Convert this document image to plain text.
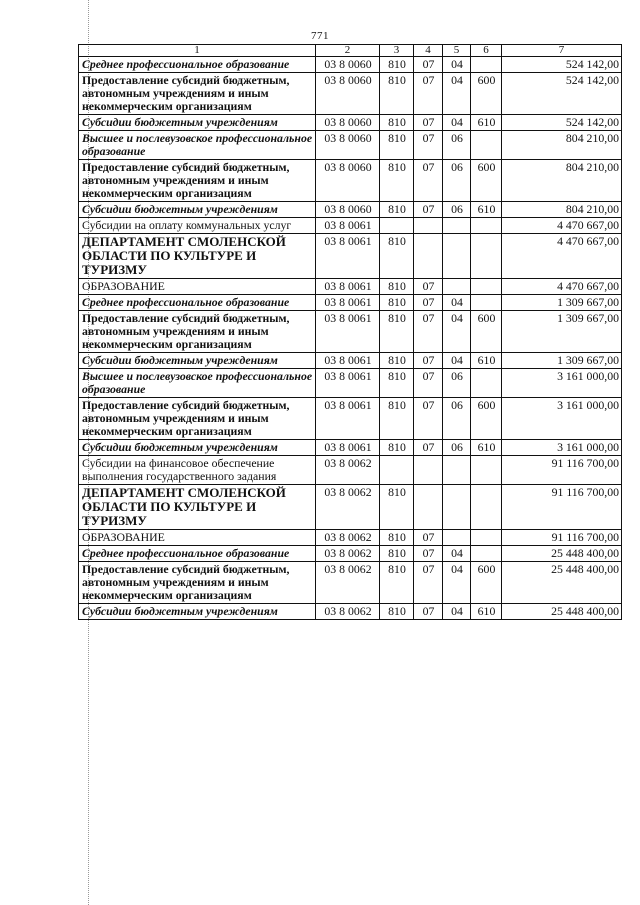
771
1	2	3	4	5	6	7
Среднее профессиональное образование	03 8 0060	810	07	04		524 142,00
Предоставление субсидий бюджетным, автономным учреждениям и иным некоммерческим организациям	03 8 0060	810	07	04	600	524 142,00
Субсидии бюджетным учреждениям	03 8 0060	810	07	04	610	524 142,00
Высшее и послевузовское профессиональное образование	03 8 0060	810	07	06		804 210,00
Предоставление субсидий бюджетным, автономным учреждениям и иным некоммерческим организациям	03 8 0060	810	07	06	600	804 210,00
Субсидии бюджетным учреждениям	03 8 0060	810	07	06	610	804 210,00
Субсидии на оплату коммунальных услуг	03 8 0061					4 470 667,00
ДЕПАРТАМЕНТ СМОЛЕНСКОЙ ОБЛАСТИ ПО КУЛЬТУРЕ И ТУРИЗМУ	03 8 0061	810				4 470 667,00
ОБРАЗОВАНИЕ	03 8 0061	810	07			4 470 667,00
Среднее профессиональное образование	03 8 0061	810	07	04		1 309 667,00
Предоставление субсидий бюджетным, автономным учреждениям и иным некоммерческим организациям	03 8 0061	810	07	04	600	1 309 667,00
Субсидии бюджетным учреждениям	03 8 0061	810	07	04	610	1 309 667,00
Высшее и послевузовское профессиональное образование	03 8 0061	810	07	06		3 161 000,00
Предоставление субсидий бюджетным, автономным учреждениям и иным некоммерческим организациям	03 8 0061	810	07	06	600	3 161 000,00
Субсидии бюджетным учреждениям	03 8 0061	810	07	06	610	3 161 000,00
Субсидии на финансовое обеспечение выполнения государственного задания	03 8 0062					91 116 700,00
ДЕПАРТАМЕНТ СМОЛЕНСКОЙ ОБЛАСТИ ПО КУЛЬТУРЕ И ТУРИЗМУ	03 8 0062	810				91 116 700,00
ОБРАЗОВАНИЕ	03 8 0062	810	07			91 116 700,00
Среднее профессиональное образование	03 8 0062	810	07	04		25 448 400,00
Предоставление субсидий бюджетным, автономным учреждениям и иным некоммерческим организациям	03 8 0062	810	07	04	600	25 448 400,00
Субсидии бюджетным учреждениям	03 8 0062	810	07	04	610	25 448 400,00
